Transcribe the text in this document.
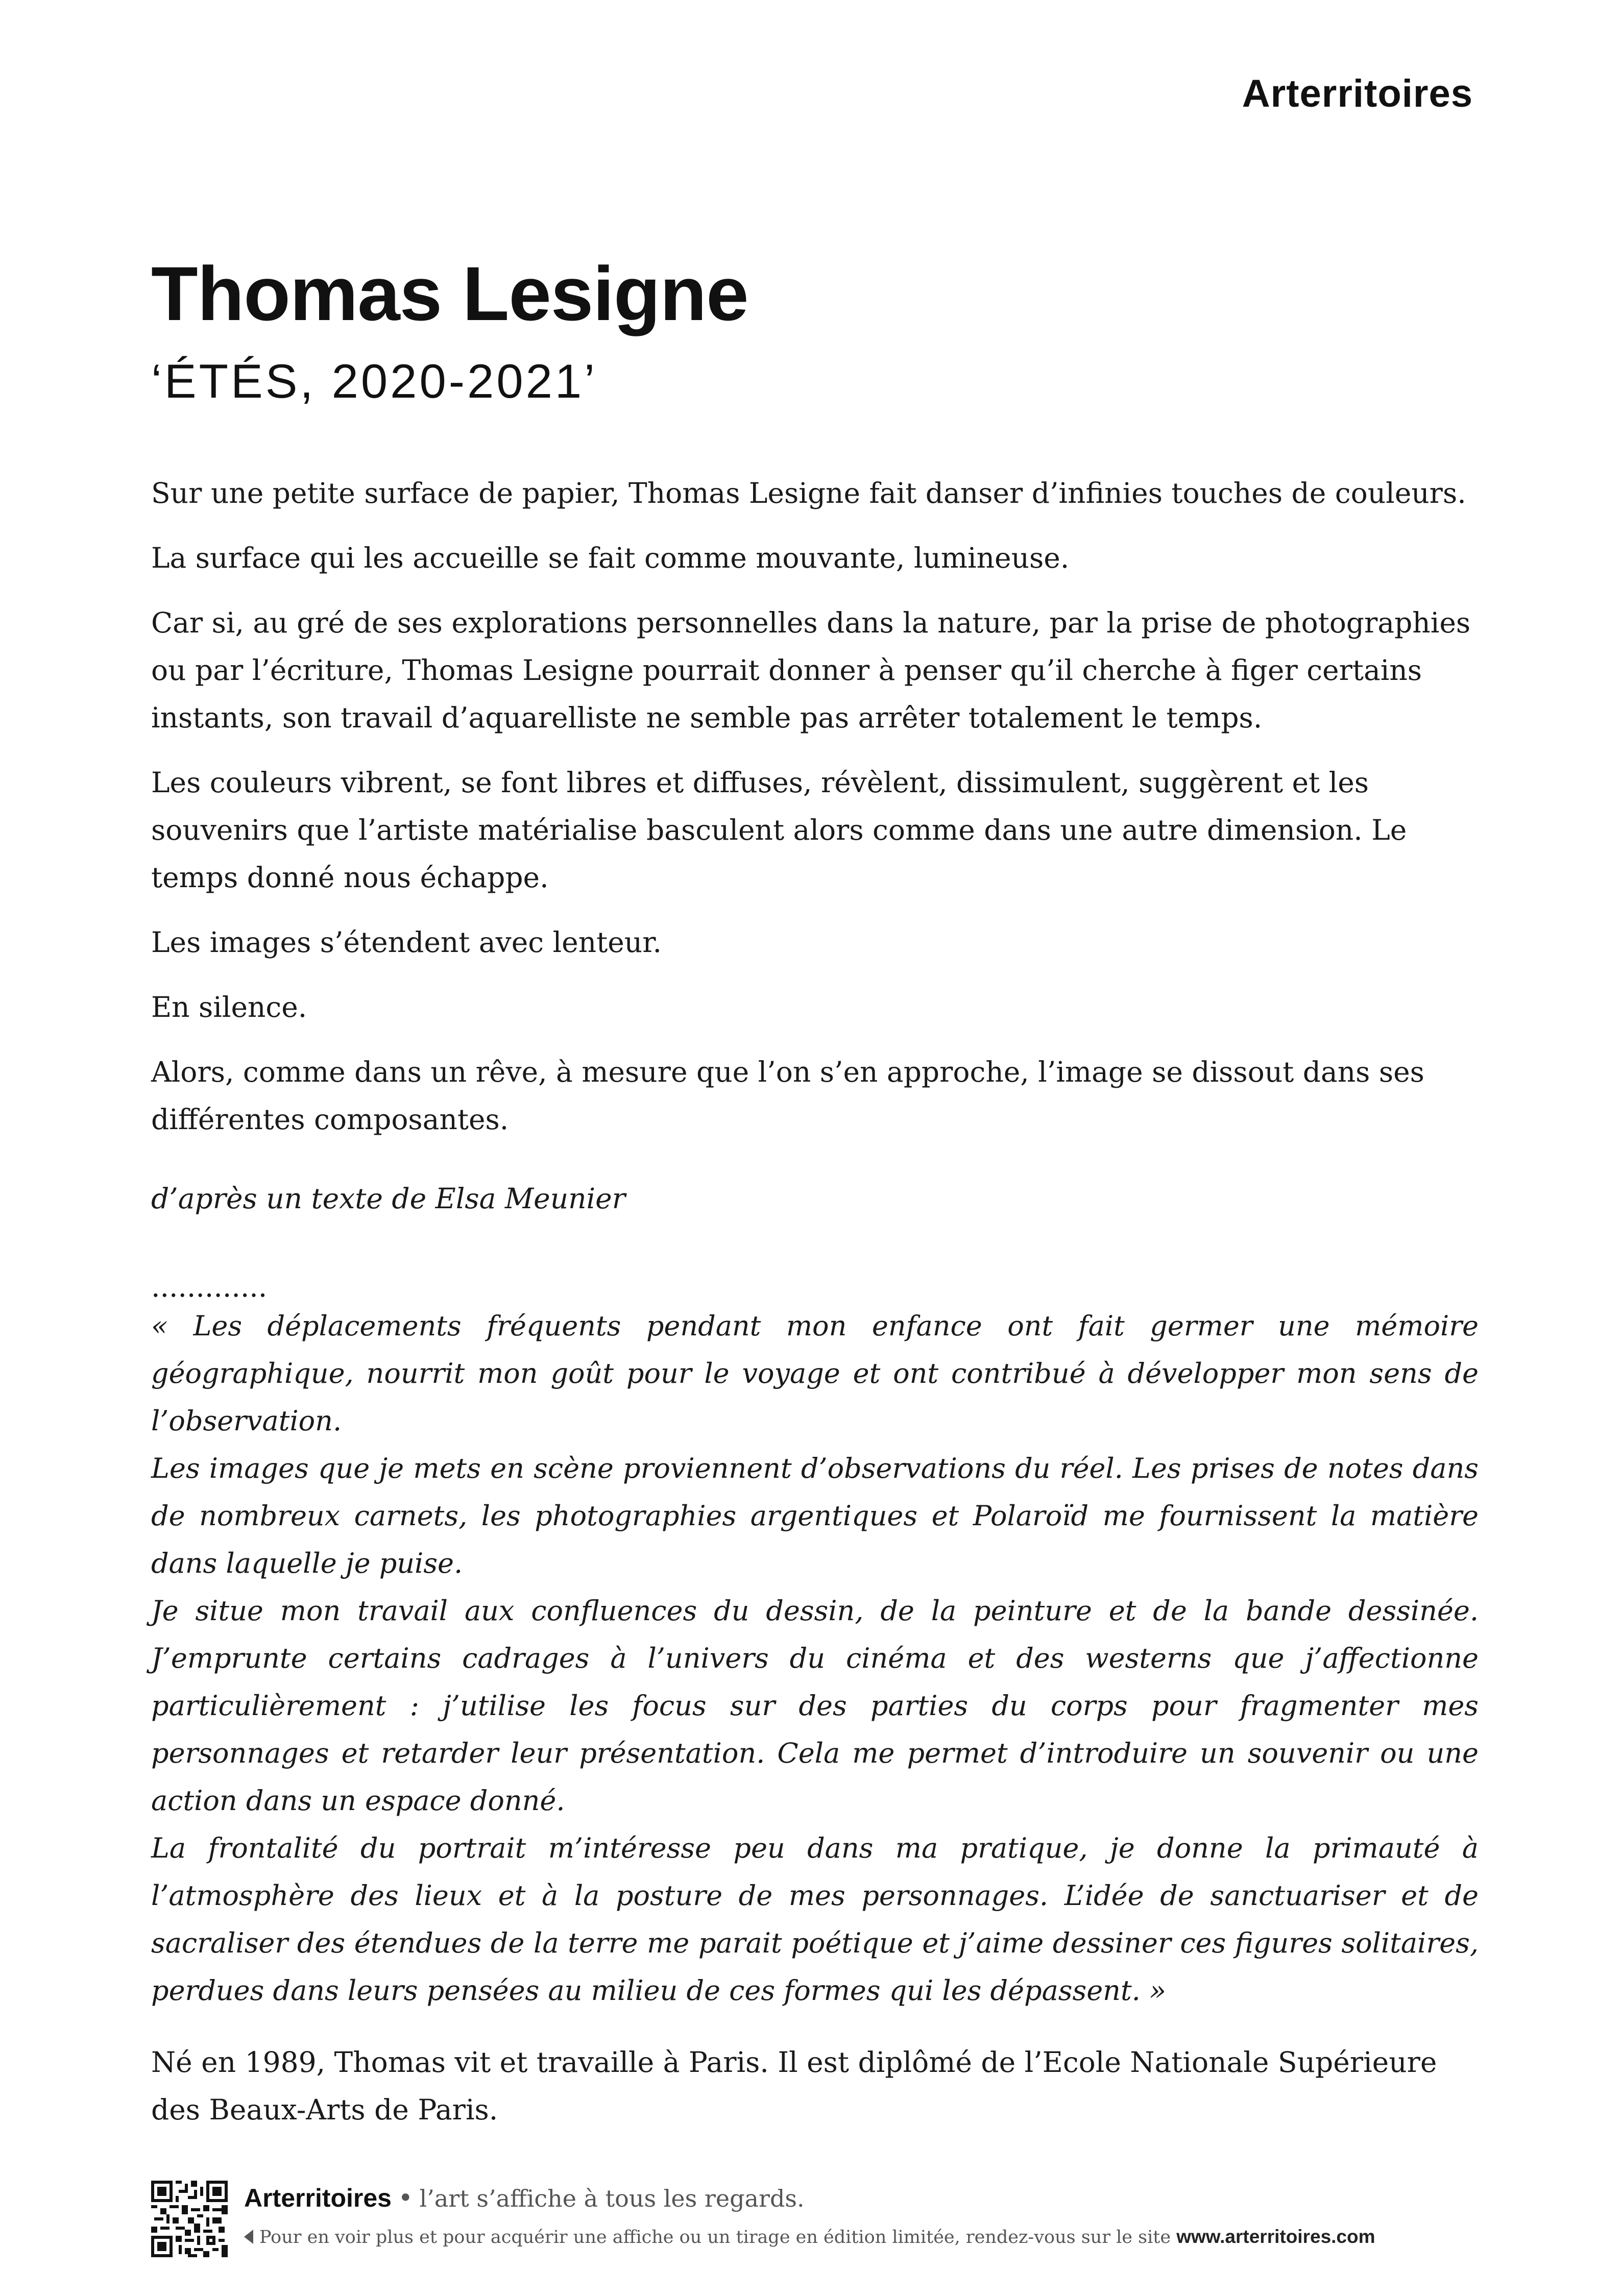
Arterritoires
Thomas Lesigne
‘ÉTÉS, 2020-2021’

Sur une petite surface de papier, Thomas Lesigne fait danser d’infinies touches de couleurs.

La surface qui les accueille se fait comme mouvante, lumineuse.

Car si, au gré de ses explorations personnelles dans la nature, par la prise de photographies ou par l’écriture, Thomas Lesigne pourrait donner à penser qu’il cherche à figer certains instants, son travail d’aquarelliste ne semble pas arrêter totalement le temps.

Les couleurs vibrent, se font libres et diffuses, révèlent, dissimulent, suggèrent et les souvenirs que l’artiste matérialise basculent alors comme dans une autre dimension. Le temps donné nous échappe.

Les images s’étendent avec lenteur.

En silence.

Alors, comme dans un rêve, à mesure que l’on s’en approche, l’image se dissout dans ses différentes composantes.

d’après un texte de Elsa Meunier

.............

« Les déplacements fréquents pendant mon enfance ont fait germer une mémoire géographique, nourrit mon goût pour le voyage et ont contribué à développer mon sens de l’observation.
Les images que je mets en scène proviennent d’observations du réel. Les prises de notes dans de nombreux carnets, les photographies argentiques et Polaroïd me fournissent la matière dans laquelle je puise.
Je situe mon travail aux confluences du dessin, de la peinture et de la bande dessinée. J’emprunte certains cadrages à l’univers du cinéma et des westerns que j’affectionne particulièrement : j’utilise les focus sur des parties du corps pour fragmenter mes personnages et retarder leur présentation. Cela me permet d’introduire un souvenir ou une action dans un espace donné.
La frontalité du portrait m’intéresse peu dans ma pratique, je donne la primauté à l’atmosphère des lieux et à la posture de mes personnages. L’idée de sanctuariser et de sacraliser des étendues de la terre me parait poétique et j’aime dessiner ces figures solitaires, perdues dans leurs pensées au milieu de ces formes qui les dépassent. »

Né en 1989, Thomas vit et travaille à Paris. Il est diplômé de l’Ecole Nationale Supérieure des Beaux-Arts de Paris.

Arterritoires • l’art s’affiche à tous les regards.
Pour en voir plus et pour acquérir une affiche ou un tirage en édition limitée, rendez-vous sur le site www.arterritoires.com
